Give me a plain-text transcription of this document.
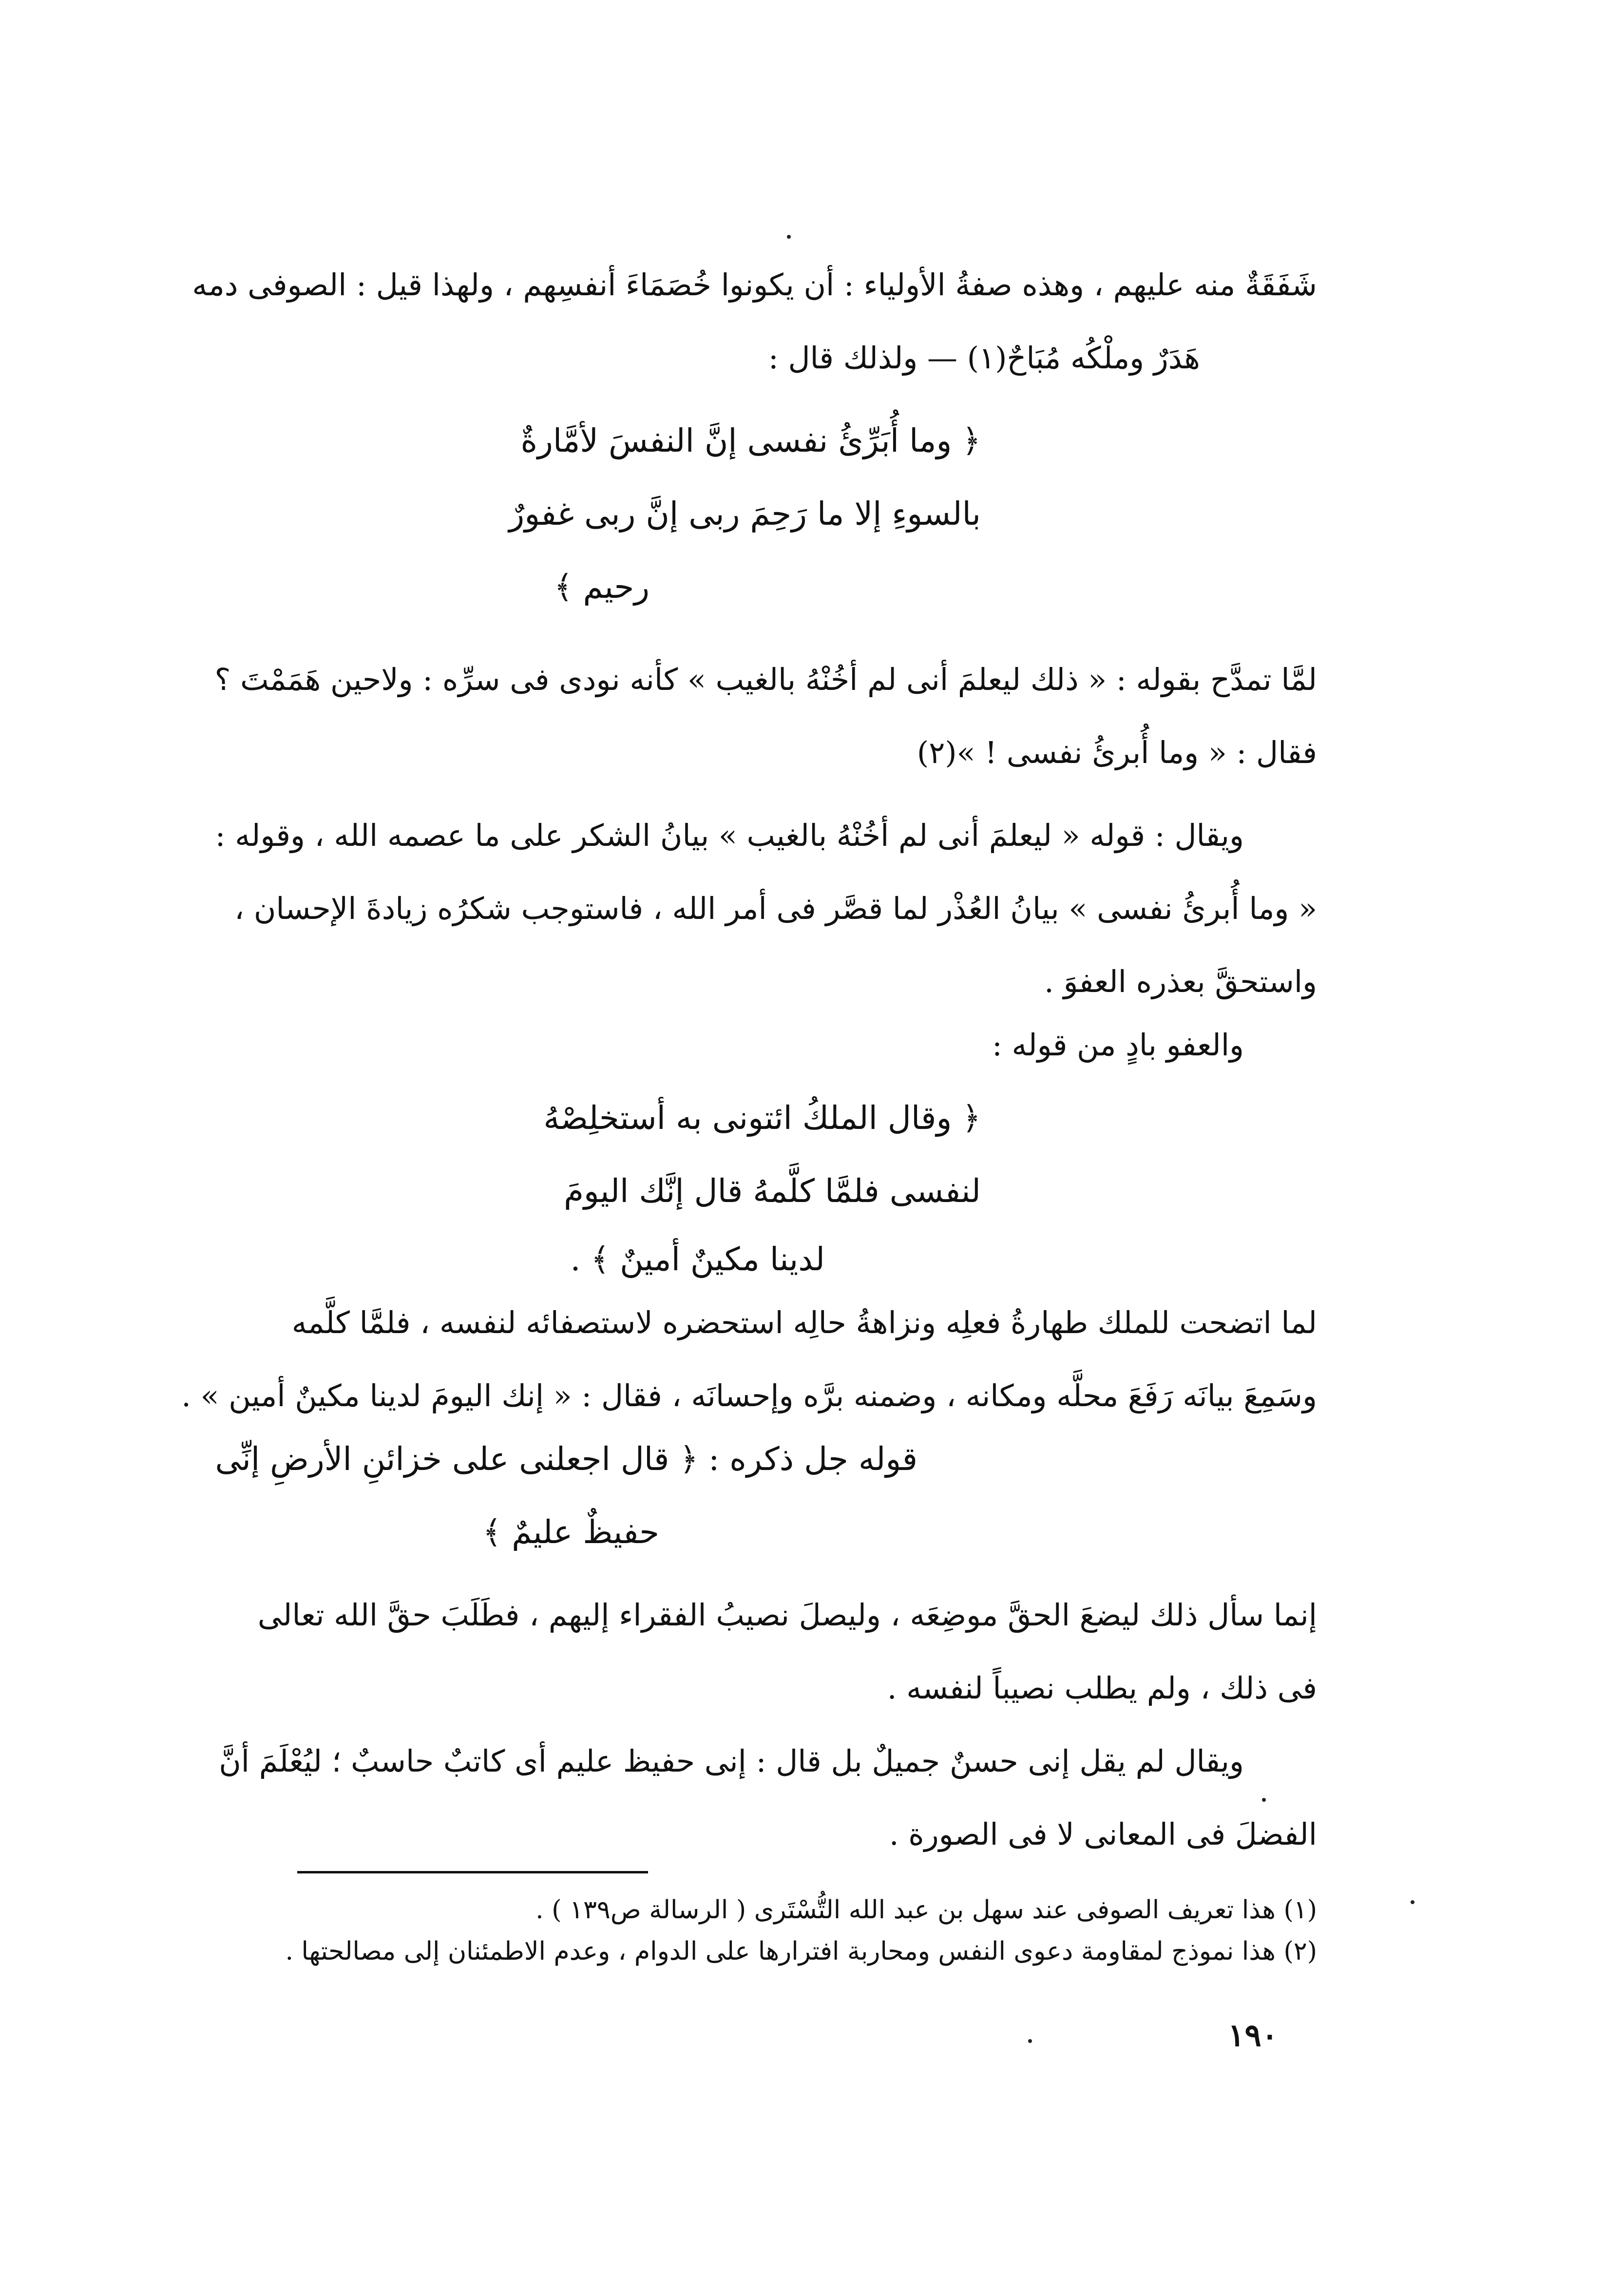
شَفَقَةٌ منه عليهم ، وهذه صفةُ الأولياء : أن يكونوا خُصَمَاءَ أنفسِهم ، ولهذا قيل : الصوفى دمه

هَدَرٌ وملْكُه مُبَاحٌ(١) — ولذلك قال :

﴿ وما أُبَرِّئُ نفسى إنَّ النفسَ لأمَّارةٌ
بالسوءِ إلا ما رَحِمَ ربى إنَّ ربى غفورٌ
رحيم ﴾

لمَّا تمدَّح بقوله : « ذلك ليعلمَ أنى لم أخُنْهُ بالغيب » كأنه نودى فى سرِّه : ولاحين هَمَمْتَ ؟

فقال : « وما أُبرئُ نفسى ! »(٢)

ويقال : قوله « ليعلمَ أنى لم أخُنْهُ بالغيب » بيانُ الشكر على ما عصمه الله ، وقوله :

« وما أُبرئُ نفسى » بيانُ العُذْر لما قصَّر فى أمر الله ، فاستوجب شكرُه زيادةَ الإحسان ،

واستحقَّ بعذره العفوَ .

والعفو بادٍ من قوله :

﴿ وقال الملكُ ائتونى به أستخلِصْهُ
لنفسى فلمَّا كلَّمهُ قال إنَّك اليومَ
لدينا مكينٌ أمينٌ ﴾ .

لما اتضحت للملك طهارةُ فعلِه ونزاهةُ حالِه استحضره لاستصفائه لنفسه ، فلمَّا كلَّمه

وسَمِعَ بيانَه رَفَعَ محلَّه ومكانه ، وضمنه برَّه وإحسانَه ، فقال : « إنك اليومَ لدينا مكينٌ أمين » .

قوله جل ذكره : ﴿ قال اجعلنى على خزائنِ الأرضِ إنِّى
حفيظٌ عليمٌ ﴾

إنما سأل ذلك ليضعَ الحقَّ موضِعَه ، وليصلَ نصيبُ الفقراء إليهم ، فطَلَبَ حقَّ الله تعالى

فى ذلك ، ولم يطلب نصيباً لنفسه .

ويقال لم يقل إنى حسنٌ جميلٌ بل قال : إنى حفيظ عليم أى كاتبٌ حاسبٌ ؛ ليُعْلَمَ أنَّ

الفضلَ فى المعانى لا فى الصورة .

(١) هذا تعريف الصوفى عند سهل بن عبد الله التُّسْتَرى ( الرسالة ص١٣٩ ) .
(٢) هذا نموذج لمقاومة دعوى النفس ومحاربة افترارها على الدوام ، وعدم الاطمئنان إلى مصالحتها .
١٩٠
